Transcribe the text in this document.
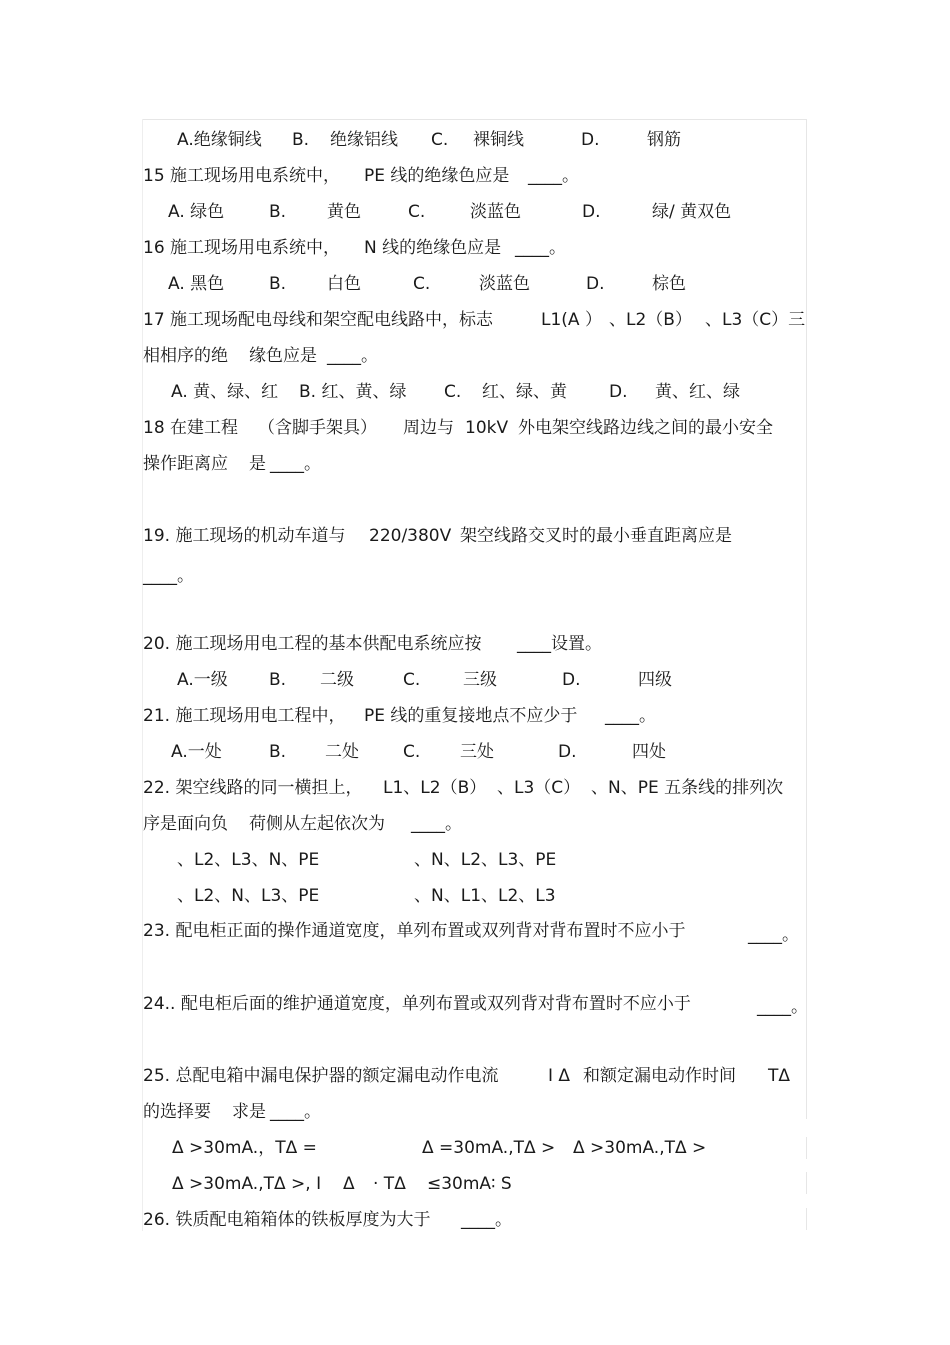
A.绝缘铜线 B. 绝缘铝线 C. 裸铜线	D.	钢筋
15 施工现场用电系统中， PE 线的绝缘色应是 ____。
A. 绿色	B. 黄色	C.	淡蓝色	D.	绿/ 黄双色
16 施工现场用电系统中， N 线的绝缘色应是 ____。
A. 黑色	B. 白色	C.	淡蓝色	D.	棕色
17 施工现场配电母线和架空配电线路中，标志	L1(A ） 、L2（B） 、L3（C）三
相相序的绝 缘色应是 ____。
A. 黄、绿、红 B. 红、黄、绿 C. 红、绿、黄 D. 黄、红、绿
18 在建工程 （含脚手架具） 周边与 10kV 外电架空线路边线之间的最小安全
操作距离应 是 ____。
19. 施工现场的机动车道与 220/380V 架空线路交叉时的最小垂直距离应是
____。
20. 施工现场用电工程的基本供配电系统应按 ____设置。
A.一级 B. 二级	C.	三级	D.	四级
21. 施工现场用电工程中， PE 线的重复接地点不应少于 ____。
A.一处	B. 二处	C. 三处	D.	四处
22. 架空线路的同一横担上， L1、L2（B） 、L3（C） 、N、PE 五条线的排列次
序是面向负 荷侧从左起依次为 ____。
、L2、L3、N、PE	、N、L2、L3、PE
、L2、N、L3、PE	、N、L1、L2、L3
23. 配电柜正面的操作通道宽度，单列布置或双列背对背布置时不应小于	____。
24.. 配电柜后面的维护通道宽度，单列布置或双列背对背布置时不应小于	____。
25. 总配电箱中漏电保护器的额定漏电动作电流	I Δ 和额定漏电动作时间 TΔ
的选择要 求是 ____。
Δ >30mA.，TΔ =	Δ =30mA.,TΔ > Δ >30mA.,TΔ >
Δ >30mA.,TΔ >, I Δ · TΔ ≤30mA∶ S
26. 铁质配电箱箱体的铁板厚度为大于 ____。
